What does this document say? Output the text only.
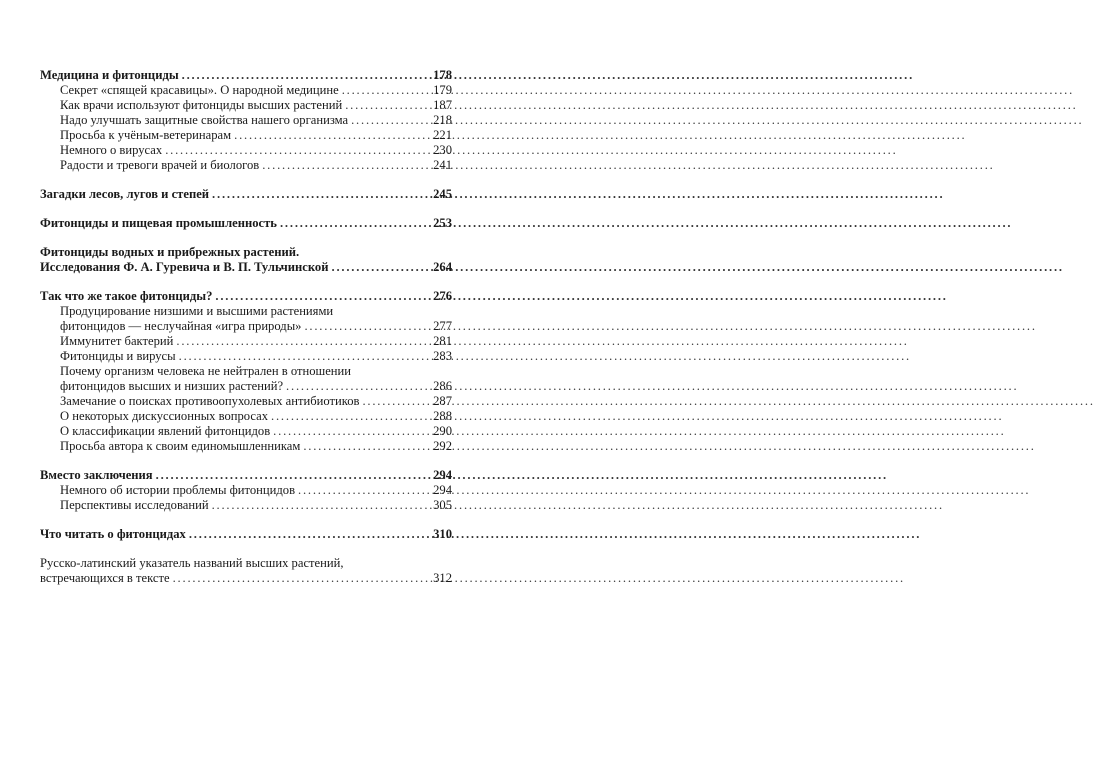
Медицина и фитонциды .....	178
Секрет «спящей красавицы». О народной медицине .....	179
Как врачи используют фитонциды высших растений .....	187
Надо улучшать защитные свойства нашего организма .....	218
Просьба к учёным-ветеринарам .....	221
Немного о вирусах .....	230
Радости и тревоги врачей и биологов .....	241
Загадки лесов, лугов и степей .....	245
Фитонциды и пищевая промышленность .....	253
Фитонциды водных и прибрежных растений.
Исследования Ф. А. Гуревича и В. П. Тульчинской .....	264
Так что же такое фитонциды? .....	276
Продуцирование низшими и высшими растениями
фитонцидов — неслучайная «игра природы» .....	277
Иммунитет бактерий .....	281
Фитонциды и вирусы .....	283
Почему организм человека не нейтрален в отношении
фитонцидов высших и низших растений? .....	286
Замечание о поисках противоопухолевых антибиотиков .....	287
О некоторых дискуссионных вопросах .....	288
О классификации явлений фитонцидов .....	290
Просьба автора к своим единомышленникам .....	292
Вместо заключения .....	294
Немного об истории проблемы фитонцидов .....	294
Перспективы исследований .....	305
Что читать о фитонцидах .....	310
Русско-латинский указатель названий высших растений,
встречающихся в тексте .....	312
